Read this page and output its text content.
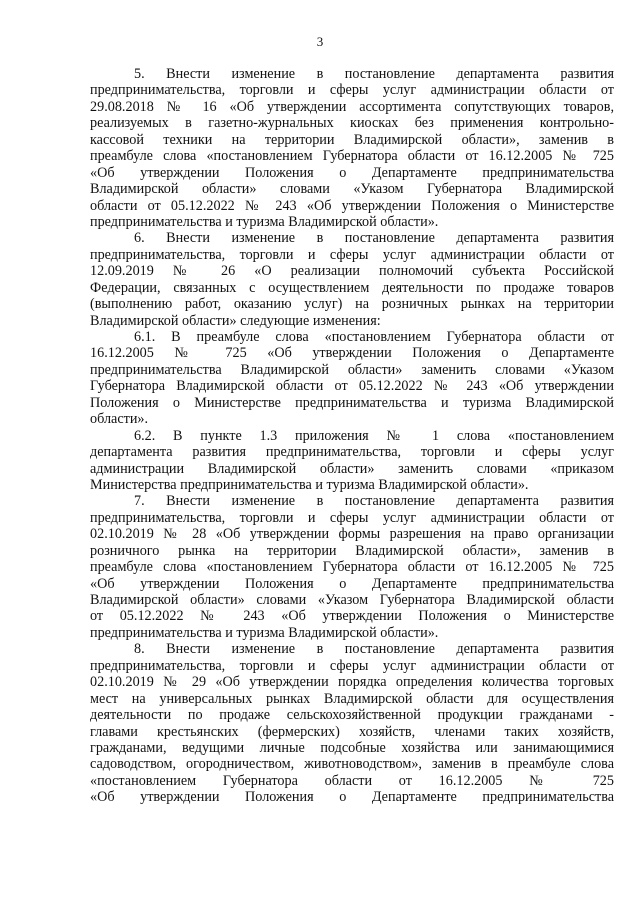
3
5. Внести изменение в постановление департамента развития
предпринимательства, торговли и сферы услуг администрации области от
29.08.2018 № 16 «Об утверждении ассортимента сопутствующих товаров,
реализуемых в газетно-журнальных киосках без применения контрольно-
кассовой техники на территории Владимирской области», заменив в
преамбуле слова «постановлением Губернатора области от 16.12.2005 № 725
«Об утверждении Положения о Департаменте предпринимательства
Владимирской области» словами «Указом Губернатора Владимирской
области от 05.12.2022 № 243 «Об утверждении Положения о Министерстве
предпринимательства и туризма Владимирской области».
6. Внести изменение в постановление департамента развития
предпринимательства, торговли и сферы услуг администрации области от
12.09.2019 № 26 «О реализации полномочий субъекта Российской
Федерации, связанных с осуществлением деятельности по продаже товаров
(выполнению работ, оказанию услуг) на розничных рынках на территории
Владимирской области» следующие изменения:
6.1. В преамбуле слова «постановлением Губернатора области от
16.12.2005 № 725 «Об утверждении Положения о Департаменте
предпринимательства Владимирской области» заменить словами «Указом
Губернатора Владимирской области от 05.12.2022 № 243 «Об утверждении
Положения о Министерстве предпринимательства и туризма Владимирской
области».
6.2. В пункте 1.3 приложения № 1 слова «постановлением
департамента развития предпринимательства, торговли и сферы услуг
администрации Владимирской области» заменить словами «приказом
Министерства предпринимательства и туризма Владимирской области».
7. Внести изменение в постановление департамента развития
предпринимательства, торговли и сферы услуг администрации области от
02.10.2019 № 28 «Об утверждении формы разрешения на право организации
розничного рынка на территории Владимирской области», заменив в
преамбуле слова «постановлением Губернатора области от 16.12.2005 № 725
«Об утверждении Положения о Департаменте предпринимательства
Владимирской области» словами «Указом Губернатора Владимирской области
от 05.12.2022 № 243 «Об утверждении Положения о Министерстве
предпринимательства и туризма Владимирской области».
8. Внести изменение в постановление департамента развития
предпринимательства, торговли и сферы услуг администрации области от
02.10.2019 № 29 «Об утверждении порядка определения количества торговых
мест на универсальных рынках Владимирской области для осуществления
деятельности по продаже сельскохозяйственной продукции гражданами -
главами крестьянских (фермерских) хозяйств, членами таких хозяйств,
гражданами, ведущими личные подсобные хозяйства или занимающимися
садоводством, огородничеством, животноводством», заменив в преамбуле слова
«постановлением Губернатора области от 16.12.2005 № 725
«Об утверждении Положения о Департаменте предпринимательства
